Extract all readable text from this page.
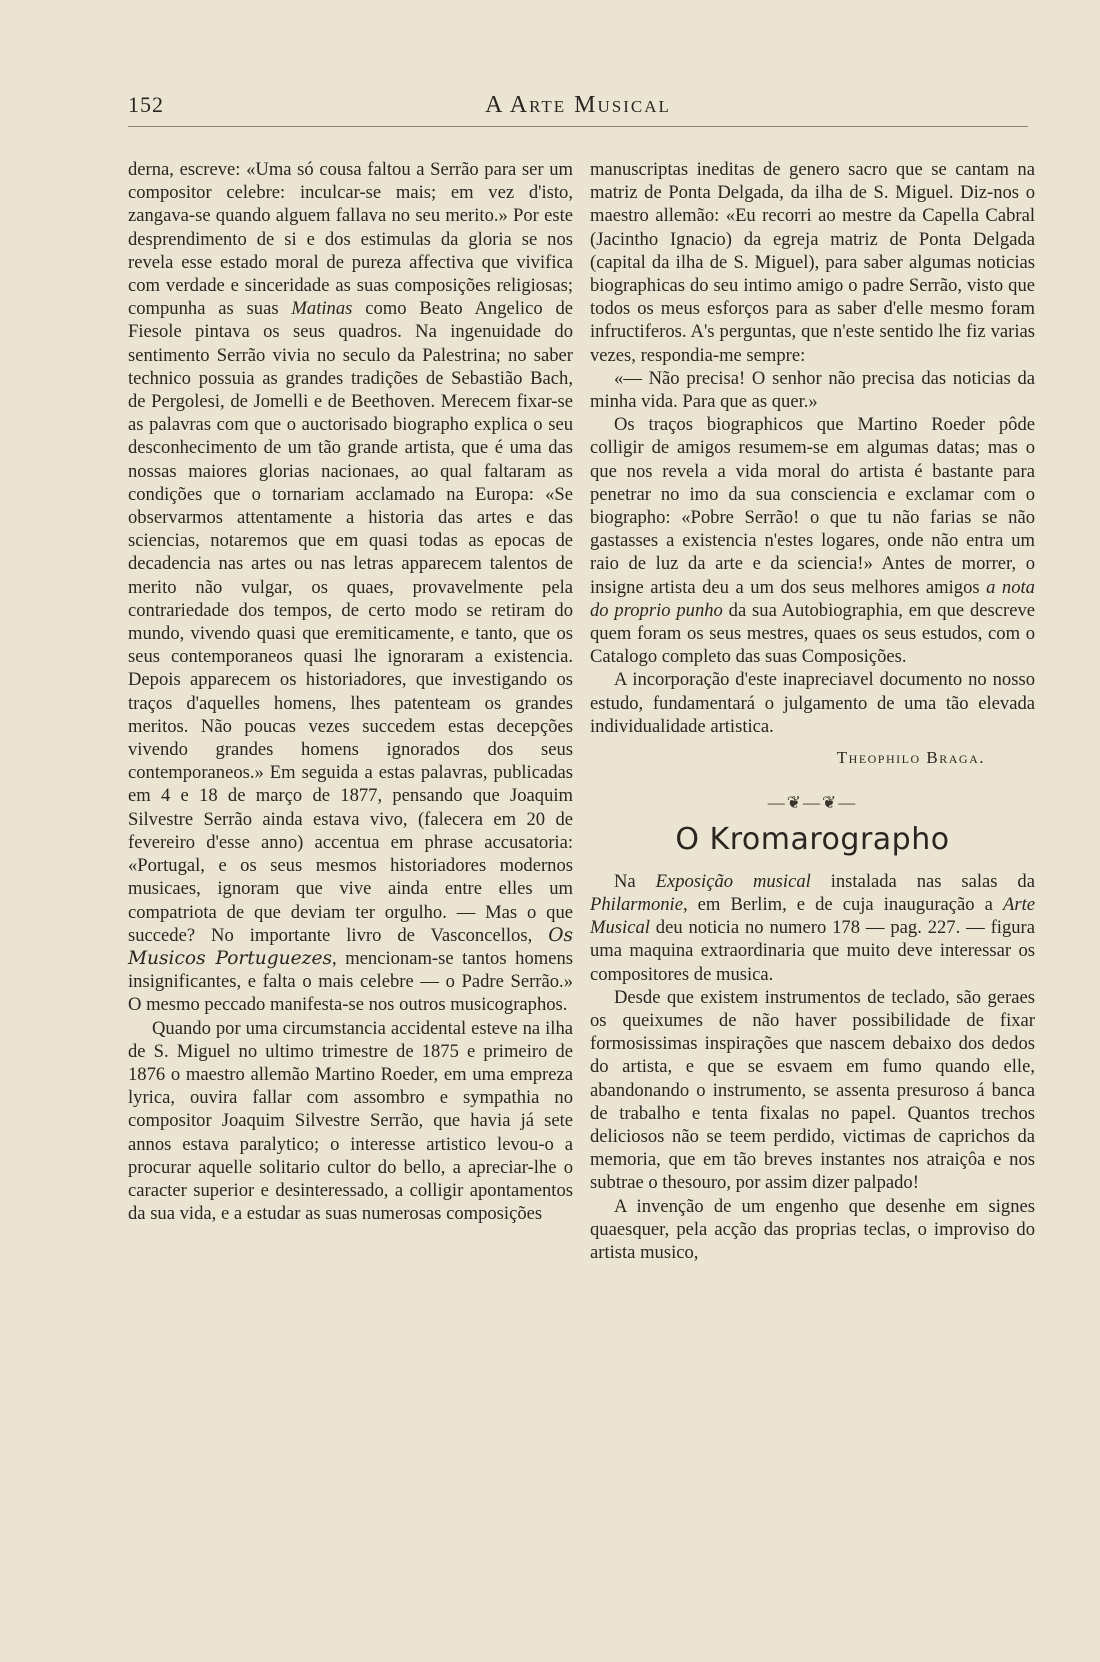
152	A Arte Musical

derna, escreve: «Uma só cousa faltou a Serrão para ser um compositor celebre: inculcar-se mais; em vez d'isto, zangava-se quando alguem fallava no seu merito.» Por este desprendimento de si e dos estimulas da gloria se nos revela esse estado moral de pureza affectiva que vivifica com verdade e sinceridade as suas composições religiosas; compunha as suas Matinas como Beato Angelico de Fiesole pintava os seus quadros. Na ingenuidade do sentimento Serrão vivia no seculo da Palestrina; no saber technico possuia as grandes tradições de Sebastião Bach, de Pergolesi, de Jomelli e de Beethoven. Merecem fixar-se as palavras com que o auctorisado biographo explica o seu desconhecimento de um tão grande artista, que é uma das nossas maiores glorias nacionaes, ao qual faltaram as condições que o tornariam acclamado na Europa: «Se observarmos attentamente a historia das artes e das sciencias, notaremos que em quasi todas as epocas de decadencia nas artes ou nas letras apparecem talentos de merito não vulgar, os quaes, provavelmente pela contrariedade dos tempos, de certo modo se retiram do mundo, vivendo quasi que eremiticamente, e tanto, que os seus contemporaneos quasi lhe ignoraram a existencia. Depois apparecem os historiadores, que investigando os traços d'aquelles homens, lhes patenteam os grandes meritos. Não poucas vezes succedem estas decepções vivendo grandes homens ignorados dos seus contemporaneos.» Em seguida a estas palavras, publicadas em 4 e 18 de março de 1877, pensando que Joaquim Silvestre Serrão ainda estava vivo, (falecera em 20 de fevereiro d'esse anno) accentua em phrase accusatoria: «Portugal, e os seus mesmos historiadores modernos musicaes, ignoram que vive ainda entre elles um compatriota de que deviam ter orgulho. — Mas o que succede? No importante livro de Vasconcellos, Os Musicos Portuguezes, mencionam-se tantos homens insignificantes, e falta o mais celebre — o Padre Serrão.» O mesmo peccado manifesta-se nos outros musicographos.

Quando por uma circumstancia accidental esteve na ilha de S. Miguel no ultimo trimestre de 1875 e primeiro de 1876 o maestro allemão Martino Roeder, em uma empreza lyrica, ouvira fallar com assombro e sympathia no compositor Joaquim Silvestre Serrão, que havia já sete annos estava paralytico; o interesse artistico levou-o a procurar aquelle solitario cultor do bello, a apreciar-lhe o caracter superior e desinteressado, a colligir apontamentos da sua vida, e a estudar as suas numerosas composições

manuscriptas ineditas de genero sacro que se cantam na matriz de Ponta Delgada, da ilha de S. Miguel. Diz-nos o maestro allemão: «Eu recorri ao mestre da Capella Cabral (Jacintho Ignacio) da egreja matriz de Ponta Delgada (capital da ilha de S. Miguel), para saber algumas noticias biographicas do seu intimo amigo o padre Serrão, visto que todos os meus esforços para as saber d'elle mesmo foram infructiferos. A's perguntas, que n'este sentido lhe fiz varias vezes, respondia-me sempre:

«— Não precisa! O senhor não precisa das noticias da minha vida. Para que as quer.»

Os traços biographicos que Martino Roeder pôde colligir de amigos resumem-se em algumas datas; mas o que nos revela a vida moral do artista é bastante para penetrar no imo da sua consciencia e exclamar com o biographo: «Pobre Serrão! o que tu não farias se não gastasses a existencia n'estes logares, onde não entra um raio de luz da arte e da sciencia!» Antes de morrer, o insigne artista deu a um dos seus melhores amigos a nota do proprio punho da sua Autobiographia, em que descreve quem foram os seus mestres, quaes os seus estudos, com o Catalogo completo das suas Composições.

A incorporação d'este inapreciavel documento no nosso estudo, fundamentará o julgamento de uma tão elevada individualidade artistica.

Theophilo Braga.
—❦—❦—
O Kromarographo

Na Exposição musical instalada nas salas da Philarmonie, em Berlim, e de cuja inauguração a Arte Musical deu noticia no numero 178 — pag. 227. — figura uma maquina extraordinaria que muito deve interessar os compositores de musica.

Desde que existem instrumentos de teclado, são geraes os queixumes de não haver possibilidade de fixar formosissimas inspirações que nascem debaixo dos dedos do artista, e que se esvaem em fumo quando elle, abandonando o instrumento, se assenta presuroso á banca de trabalho e tenta fixalas no papel. Quantos trechos deliciosos não se teem perdido, victimas de caprichos da memoria, que em tão breves instantes nos atraiçôa e nos subtrae o thesouro, por assim dizer palpado!

A invenção de um engenho que desenhe em signes quaesquer, pela acção das proprias teclas, o improviso do artista musico,
